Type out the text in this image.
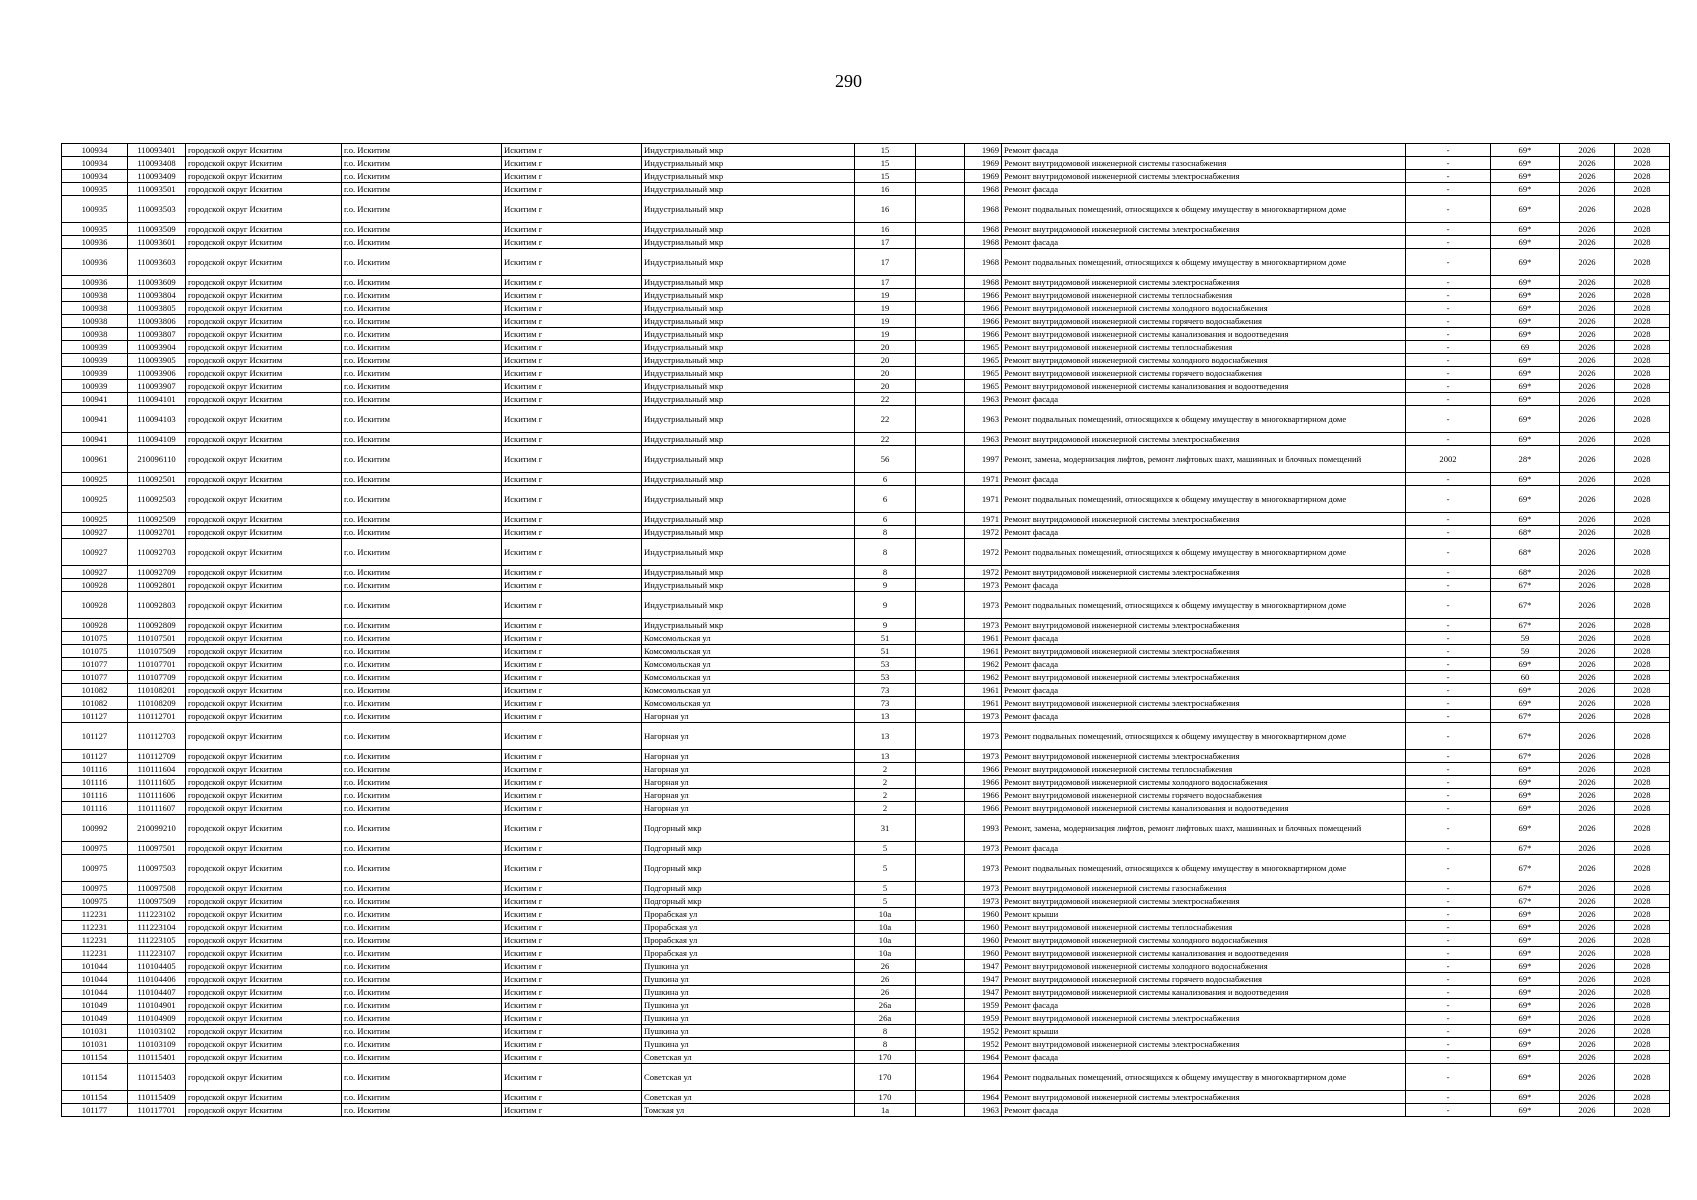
290
100934	110093401	городской округ Искитим	г.о. Искитим	Искитим г	Индустриальный мкр	15		1969	Ремонт фасада	-	69*	2026	2028
100934	110093408	городской округ Искитим	г.о. Искитим	Искитим г	Индустриальный мкр	15		1969	Ремонт внутридомовой инженерной системы газоснабжения	-	69*	2026	2028
100934	110093409	городской округ Искитим	г.о. Искитим	Искитим г	Индустриальный мкр	15		1969	Ремонт внутридомовой инженерной системы электроснабжения	-	69*	2026	2028
100935	110093501	городской округ Искитим	г.о. Искитим	Искитим г	Индустриальный мкр	16		1968	Ремонт фасада	-	69*	2026	2028
100935	110093503	городской округ Искитим	г.о. Искитим	Искитим г	Индустриальный мкр	16		1968	Ремонт подвальных помещений, относящихся к общему имуществу в многоквартирном доме	-	69*	2026	2028
100935	110093509	городской округ Искитим	г.о. Искитим	Искитим г	Индустриальный мкр	16		1968	Ремонт внутридомовой инженерной системы электроснабжения	-	69*	2026	2028
100936	110093601	городской округ Искитим	г.о. Искитим	Искитим г	Индустриальный мкр	17		1968	Ремонт фасада	-	69*	2026	2028
100936	110093603	городской округ Искитим	г.о. Искитим	Искитим г	Индустриальный мкр	17		1968	Ремонт подвальных помещений, относящихся к общему имуществу в многоквартирном доме	-	69*	2026	2028
100936	110093609	городской округ Искитим	г.о. Искитим	Искитим г	Индустриальный мкр	17		1968	Ремонт внутридомовой инженерной системы электроснабжения	-	69*	2026	2028
100938	110093804	городской округ Искитим	г.о. Искитим	Искитим г	Индустриальный мкр	19		1966	Ремонт внутридомовой инженерной системы теплоснабжения	-	69*	2026	2028
100938	110093805	городской округ Искитим	г.о. Искитим	Искитим г	Индустриальный мкр	19		1966	Ремонт внутридомовой инженерной системы холодного водоснабжения	-	69*	2026	2028
100938	110093806	городской округ Искитим	г.о. Искитим	Искитим г	Индустриальный мкр	19		1966	Ремонт внутридомовой инженерной системы горячего водоснабжения	-	69*	2026	2028
100938	110093807	городской округ Искитим	г.о. Искитим	Искитим г	Индустриальный мкр	19		1966	Ремонт внутридомовой инженерной системы канализования и водоотведения	-	69*	2026	2028
100939	110093904	городской округ Искитим	г.о. Искитим	Искитим г	Индустриальный мкр	20		1965	Ремонт внутридомовой инженерной системы теплоснабжения	-	69	2026	2028
100939	110093905	городской округ Искитим	г.о. Искитим	Искитим г	Индустриальный мкр	20		1965	Ремонт внутридомовой инженерной системы холодного водоснабжения	-	69*	2026	2028
100939	110093906	городской округ Искитим	г.о. Искитим	Искитим г	Индустриальный мкр	20		1965	Ремонт внутридомовой инженерной системы горячего водоснабжения	-	69*	2026	2028
100939	110093907	городской округ Искитим	г.о. Искитим	Искитим г	Индустриальный мкр	20		1965	Ремонт внутридомовой инженерной системы канализования и водоотведения	-	69*	2026	2028
100941	110094101	городской округ Искитим	г.о. Искитим	Искитим г	Индустриальный мкр	22		1963	Ремонт фасада	-	69*	2026	2028
100941	110094103	городской округ Искитим	г.о. Искитим	Искитим г	Индустриальный мкр	22		1963	Ремонт подвальных помещений, относящихся к общему имуществу в многоквартирном доме	-	69*	2026	2028
100941	110094109	городской округ Искитим	г.о. Искитим	Искитим г	Индустриальный мкр	22		1963	Ремонт внутридомовой инженерной системы электроснабжения	-	69*	2026	2028
100961	210096110	городской округ Искитим	г.о. Искитим	Искитим г	Индустриальный мкр	56		1997	Ремонт, замена, модернизация лифтов, ремонт лифтовых шахт, машинных и блочных помещений	2002	28*	2026	2028
100925	110092501	городской округ Искитим	г.о. Искитим	Искитим г	Индустриальный мкр	6		1971	Ремонт фасада	-	69*	2026	2028
100925	110092503	городской округ Искитим	г.о. Искитим	Искитим г	Индустриальный мкр	6		1971	Ремонт подвальных помещений, относящихся к общему имуществу в многоквартирном доме	-	69*	2026	2028
100925	110092509	городской округ Искитим	г.о. Искитим	Искитим г	Индустриальный мкр	6		1971	Ремонт внутридомовой инженерной системы электроснабжения	-	69*	2026	2028
100927	110092701	городской округ Искитим	г.о. Искитим	Искитим г	Индустриальный мкр	8		1972	Ремонт фасада	-	68*	2026	2028
100927	110092703	городской округ Искитим	г.о. Искитим	Искитим г	Индустриальный мкр	8		1972	Ремонт подвальных помещений, относящихся к общему имуществу в многоквартирном доме	-	68*	2026	2028
100927	110092709	городской округ Искитим	г.о. Искитим	Искитим г	Индустриальный мкр	8		1972	Ремонт внутридомовой инженерной системы электроснабжения	-	68*	2026	2028
100928	110092801	городской округ Искитим	г.о. Искитим	Искитим г	Индустриальный мкр	9		1973	Ремонт фасада	-	67*	2026	2028
100928	110092803	городской округ Искитим	г.о. Искитим	Искитим г	Индустриальный мкр	9		1973	Ремонт подвальных помещений, относящихся к общему имуществу в многоквартирном доме	-	67*	2026	2028
100928	110092809	городской округ Искитим	г.о. Искитим	Искитим г	Индустриальный мкр	9		1973	Ремонт внутридомовой инженерной системы электроснабжения	-	67*	2026	2028
101075	110107501	городской округ Искитим	г.о. Искитим	Искитим г	Комсомольская ул	51		1961	Ремонт фасада	-	59	2026	2028
101075	110107509	городской округ Искитим	г.о. Искитим	Искитим г	Комсомольская ул	51		1961	Ремонт внутридомовой инженерной системы электроснабжения	-	59	2026	2028
101077	110107701	городской округ Искитим	г.о. Искитим	Искитим г	Комсомольская ул	53		1962	Ремонт фасада	-	69*	2026	2028
101077	110107709	городской округ Искитим	г.о. Искитим	Искитим г	Комсомольская ул	53		1962	Ремонт внутридомовой инженерной системы электроснабжения	-	60	2026	2028
101082	110108201	городской округ Искитим	г.о. Искитим	Искитим г	Комсомольская ул	73		1961	Ремонт фасада	-	69*	2026	2028
101082	110108209	городской округ Искитим	г.о. Искитим	Искитим г	Комсомольская ул	73		1961	Ремонт внутридомовой инженерной системы электроснабжения	-	69*	2026	2028
101127	110112701	городской округ Искитим	г.о. Искитим	Искитим г	Нагорная ул	13		1973	Ремонт фасада	-	67*	2026	2028
101127	110112703	городской округ Искитим	г.о. Искитим	Искитим г	Нагорная ул	13		1973	Ремонт подвальных помещений, относящихся к общему имуществу в многоквартирном доме	-	67*	2026	2028
101127	110112709	городской округ Искитим	г.о. Искитим	Искитим г	Нагорная ул	13		1973	Ремонт внутридомовой инженерной системы электроснабжения	-	67*	2026	2028
101116	110111604	городской округ Искитим	г.о. Искитим	Искитим г	Нагорная ул	2		1966	Ремонт внутридомовой инженерной системы теплоснабжения	-	69*	2026	2028
101116	110111605	городской округ Искитим	г.о. Искитим	Искитим г	Нагорная ул	2		1966	Ремонт внутридомовой инженерной системы холодного водоснабжения	-	69*	2026	2028
101116	110111606	городской округ Искитим	г.о. Искитим	Искитим г	Нагорная ул	2		1966	Ремонт внутридомовой инженерной системы горячего водоснабжения	-	69*	2026	2028
101116	110111607	городской округ Искитим	г.о. Искитим	Искитим г	Нагорная ул	2		1966	Ремонт внутридомовой инженерной системы канализования и водоотведения	-	69*	2026	2028
100992	210099210	городской округ Искитим	г.о. Искитим	Искитим г	Подгорный мкр	31		1993	Ремонт, замена, модернизация лифтов, ремонт лифтовых шахт, машинных и блочных помещений	-	69*	2026	2028
100975	110097501	городской округ Искитим	г.о. Искитим	Искитим г	Подгорный мкр	5		1973	Ремонт фасада	-	67*	2026	2028
100975	110097503	городской округ Искитим	г.о. Искитим	Искитим г	Подгорный мкр	5		1973	Ремонт подвальных помещений, относящихся к общему имуществу в многоквартирном доме	-	67*	2026	2028
100975	110097508	городской округ Искитим	г.о. Искитим	Искитим г	Подгорный мкр	5		1973	Ремонт внутридомовой инженерной системы газоснабжения	-	67*	2026	2028
100975	110097509	городской округ Искитим	г.о. Искитим	Искитим г	Подгорный мкр	5		1973	Ремонт внутридомовой инженерной системы электроснабжения	-	67*	2026	2028
112231	111223102	городской округ Искитим	г.о. Искитим	Искитим г	Прорабская ул	10а		1960	Ремонт крыши	-	69*	2026	2028
112231	111223104	городской округ Искитим	г.о. Искитим	Искитим г	Прорабская ул	10а		1960	Ремонт внутридомовой инженерной системы теплоснабжения	-	69*	2026	2028
112231	111223105	городской округ Искитим	г.о. Искитим	Искитим г	Прорабская ул	10а		1960	Ремонт внутридомовой инженерной системы холодного водоснабжения	-	69*	2026	2028
112231	111223107	городской округ Искитим	г.о. Искитим	Искитим г	Прорабская ул	10а		1960	Ремонт внутридомовой инженерной системы канализования и водоотведения	-	69*	2026	2028
101044	110104405	городской округ Искитим	г.о. Искитим	Искитим г	Пушкина ул	26		1947	Ремонт внутридомовой инженерной системы холодного водоснабжения	-	69*	2026	2028
101044	110104406	городской округ Искитим	г.о. Искитим	Искитим г	Пушкина ул	26		1947	Ремонт внутридомовой инженерной системы горячего водоснабжения	-	69*	2026	2028
101044	110104407	городской округ Искитим	г.о. Искитим	Искитим г	Пушкина ул	26		1947	Ремонт внутридомовой инженерной системы канализования и водоотведения	-	69*	2026	2028
101049	110104901	городской округ Искитим	г.о. Искитим	Искитим г	Пушкина ул	26а		1959	Ремонт фасада	-	69*	2026	2028
101049	110104909	городской округ Искитим	г.о. Искитим	Искитим г	Пушкина ул	26а		1959	Ремонт внутридомовой инженерной системы электроснабжения	-	69*	2026	2028
101031	110103102	городской округ Искитим	г.о. Искитим	Искитим г	Пушкина ул	8		1952	Ремонт крыши	-	69*	2026	2028
101031	110103109	городской округ Искитим	г.о. Искитим	Искитим г	Пушкина ул	8		1952	Ремонт внутридомовой инженерной системы электроснабжения	-	69*	2026	2028
101154	110115401	городской округ Искитим	г.о. Искитим	Искитим г	Советская ул	170		1964	Ремонт фасада	-	69*	2026	2028
101154	110115403	городской округ Искитим	г.о. Искитим	Искитим г	Советская ул	170		1964	Ремонт подвальных помещений, относящихся к общему имуществу в многоквартирном доме	-	69*	2026	2028
101154	110115409	городской округ Искитим	г.о. Искитим	Искитим г	Советская ул	170		1964	Ремонт внутридомовой инженерной системы электроснабжения	-	69*	2026	2028
101177	110117701	городской округ Искитим	г.о. Искитим	Искитим г	Томская ул	1а		1963	Ремонт фасада	-	69*	2026	2028
